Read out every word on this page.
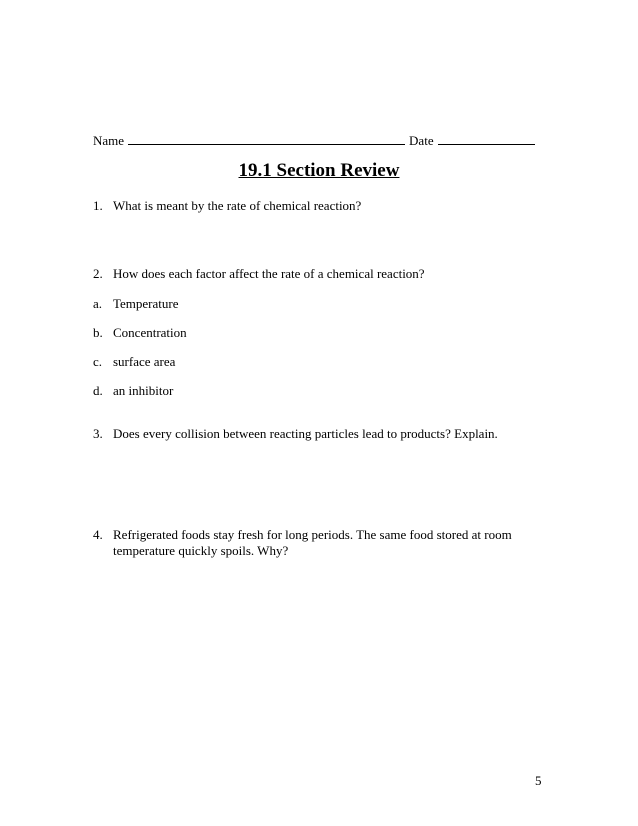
Name	Date
19.1 Section Review
1. What is meant by the rate of chemical reaction?
2. How does each factor affect the rate of a chemical reaction?
a. Temperature
b. Concentration
c. surface area
d. an inhibitor
3. Does every collision between reacting particles lead to products? Explain.
4. Refrigerated foods stay fresh for long periods. The same food stored at room temperature quickly spoils. Why?
5
